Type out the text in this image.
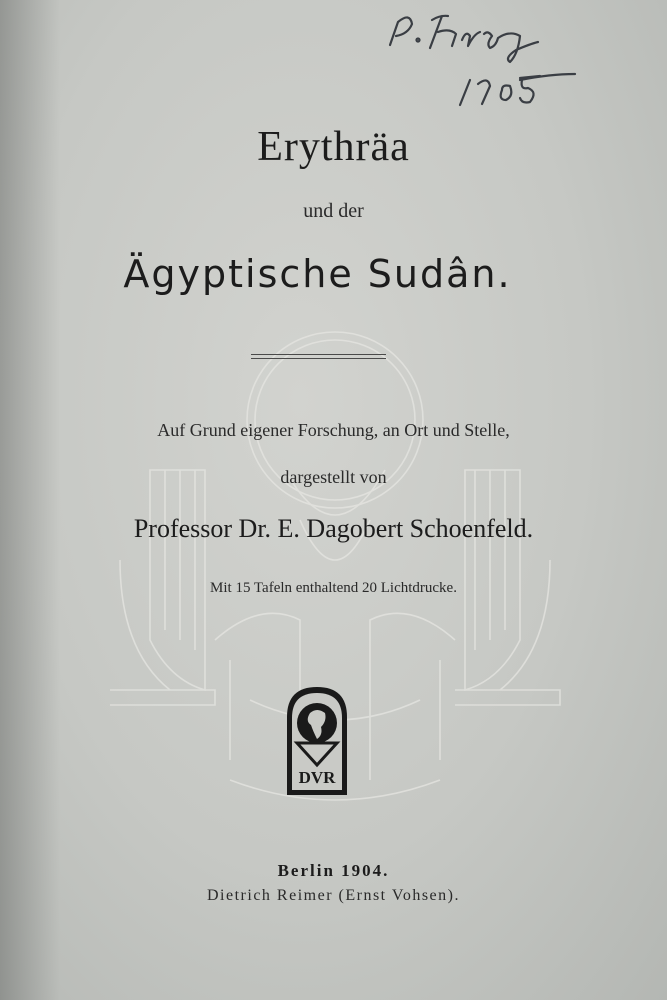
Erythräa
und der
Ägyptische Sudân.
Auf Grund eigener Forschung, an Ort und Stelle,
dargestellt von
Professor Dr. E. Dagobert Schoenfeld.
Mit 15 Tafeln enthaltend 20 Lichtdrucke.
DVR
Berlin 1904.
Dietrich Reimer (Ernst Vohsen).
